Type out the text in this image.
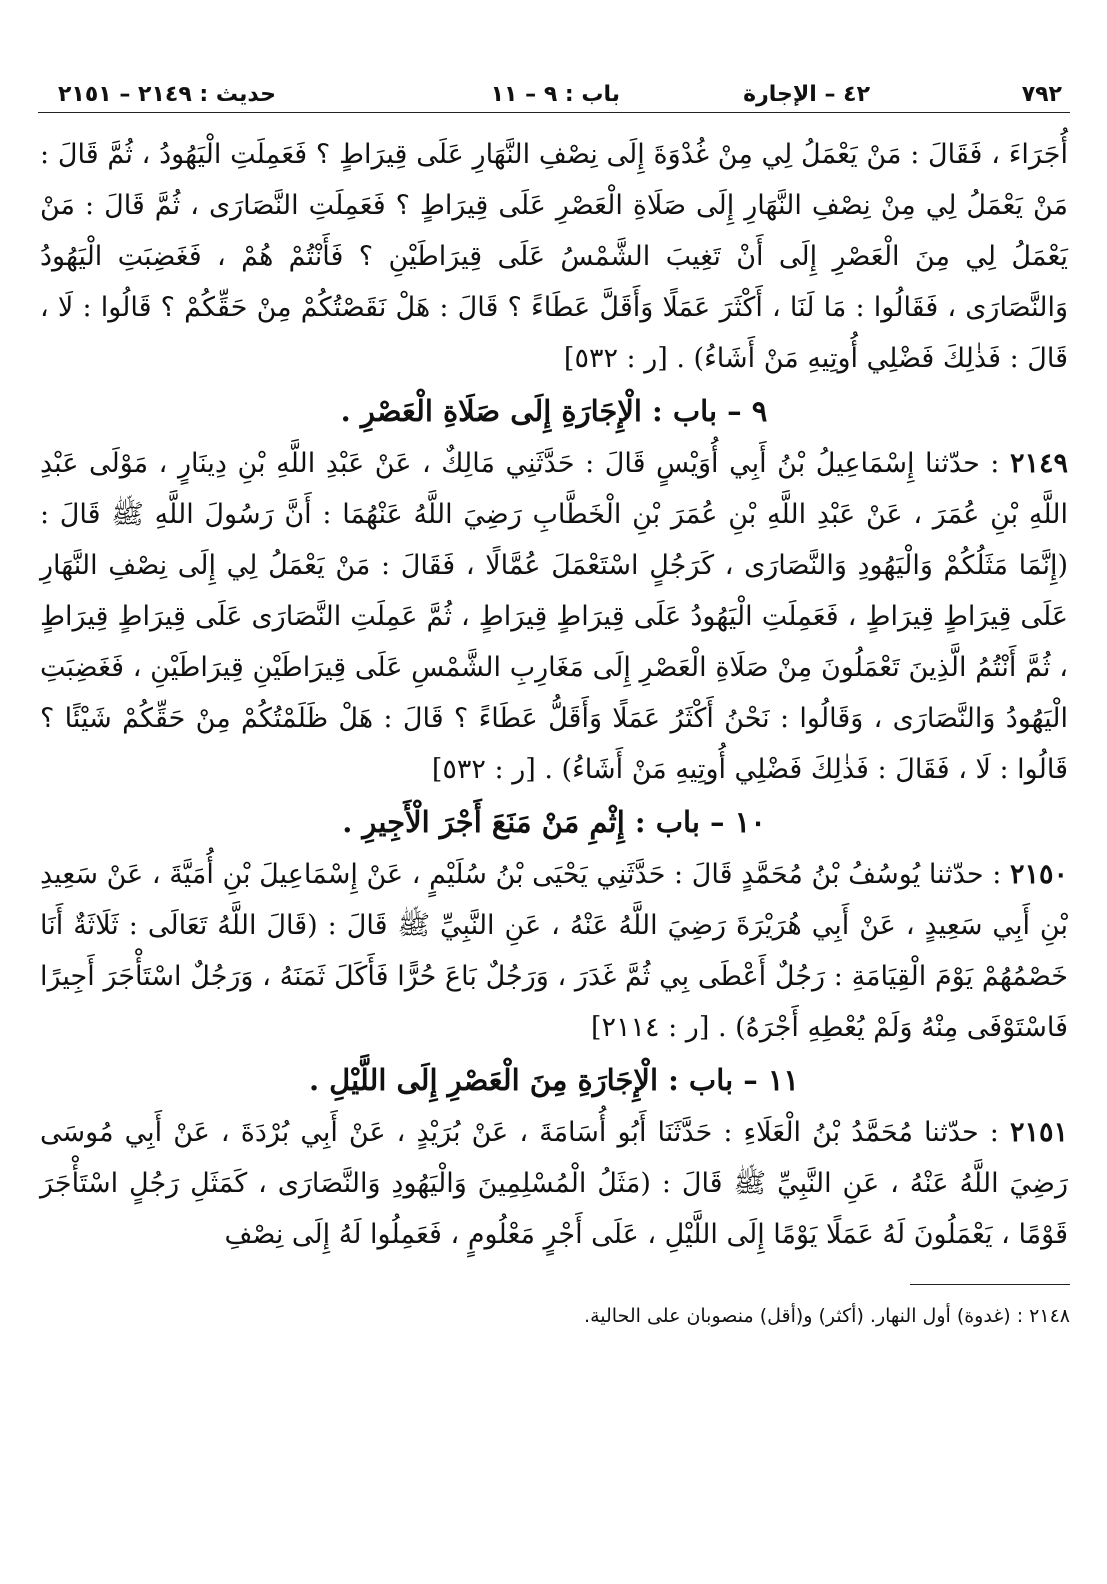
٧٩٢
٤٢ – الإجارة
باب : ٩ – ١١
حديث : ٢١٤٩ – ٢١٥١

أُجَرَاءَ ، فَقَالَ : مَنْ يَعْمَلُ لِي مِنْ غُدْوَةَ إِلَى نِصْفِ النَّهَارِ عَلَى قِيرَاطٍ ؟ فَعَمِلَتِ الْيَهُودُ ، ثُمَّ قَالَ : مَنْ يَعْمَلُ لِي مِنْ نِصْفِ النَّهَارِ إِلَى صَلَاةِ الْعَصْرِ عَلَى قِيرَاطٍ ؟ فَعَمِلَتِ النَّصَارَى ، ثُمَّ قَالَ : مَنْ يَعْمَلُ لِي مِنَ الْعَصْرِ إِلَى أَنْ تَغِيبَ الشَّمْسُ عَلَى قِيرَاطَيْنِ ؟ فَأَنْتُمْ هُمْ ، فَغَضِبَتِ الْيَهُودُ وَالنَّصَارَى ، فَقَالُوا : مَا لَنَا ، أَكْثَرَ عَمَلًا وَأَقَلَّ عَطَاءً ؟ قَالَ : هَلْ نَقَصْتُكُمْ مِنْ حَقِّكُمْ ؟ قَالُوا : لَا ، قَالَ : فَذٰلِكَ فَضْلِي أُوتِيهِ مَنْ أَشَاءُ) . [ر : ٥٣٢]

٩ – باب : الْإِجَارَةِ إِلَى صَلَاةِ الْعَصْرِ .

٢١٤٩ : حدّثنا إِسْمَاعِيلُ بْنُ أَبِي أُوَيْسٍ قَالَ : حَدَّثَنِي مَالِكٌ ، عَنْ عَبْدِ اللَّهِ بْنِ دِينَارٍ ، مَوْلَى عَبْدِ اللَّهِ بْنِ عُمَرَ ، عَنْ عَبْدِ اللَّهِ بْنِ عُمَرَ بْنِ الْخَطَّابِ رَضِيَ اللَّهُ عَنْهُمَا : أَنَّ رَسُولَ اللَّهِ ﷺ قَالَ : (إِنَّمَا مَثَلُكُمْ وَالْيَهُودِ وَالنَّصَارَى ، كَرَجُلٍ اسْتَعْمَلَ عُمَّالًا ، فَقَالَ : مَنْ يَعْمَلُ لِي إِلَى نِصْفِ النَّهَارِ عَلَى قِيرَاطٍ قِيرَاطٍ ، فَعَمِلَتِ الْيَهُودُ عَلَى قِيرَاطٍ قِيرَاطٍ ، ثُمَّ عَمِلَتِ النَّصَارَى عَلَى قِيرَاطٍ قِيرَاطٍ ، ثُمَّ أَنْتُمُ الَّذِينَ تَعْمَلُونَ مِنْ صَلَاةِ الْعَصْرِ إِلَى مَغَارِبِ الشَّمْسِ عَلَى قِيرَاطَيْنِ قِيرَاطَيْنِ ، فَغَضِبَتِ الْيَهُودُ وَالنَّصَارَى ، وَقَالُوا : نَحْنُ أَكْثَرُ عَمَلًا وَأَقَلُّ عَطَاءً ؟ قَالَ : هَلْ ظَلَمْتُكُمْ مِنْ حَقِّكُمْ شَيْئًا ؟ قَالُوا : لَا ، فَقَالَ : فَذٰلِكَ فَضْلِي أُوتِيهِ مَنْ أَشَاءُ) . [ر : ٥٣٢]

١٠ – باب : إِثْمِ مَنْ مَنَعَ أَجْرَ الْأَجِيرِ .

٢١٥٠ : حدّثنا يُوسُفُ بْنُ مُحَمَّدٍ قَالَ : حَدَّثَنِي يَحْيَى بْنُ سُلَيْمٍ ، عَنْ إِسْمَاعِيلَ بْنِ أُمَيَّةَ ، عَنْ سَعِيدِ بْنِ أَبِي سَعِيدٍ ، عَنْ أَبِي هُرَيْرَةَ رَضِيَ اللَّهُ عَنْهُ ، عَنِ النَّبِيِّ ﷺ قَالَ : (قَالَ اللَّهُ تَعَالَى : ثَلَاثَةٌ أَنَا خَصْمُهُمْ يَوْمَ الْقِيَامَةِ : رَجُلٌ أَعْطَى بِي ثُمَّ غَدَرَ ، وَرَجُلٌ بَاعَ حُرًّا فَأَكَلَ ثَمَنَهُ ، وَرَجُلٌ اسْتَأْجَرَ أَجِيرًا فَاسْتَوْفَى مِنْهُ وَلَمْ يُعْطِهِ أَجْرَهُ) . [ر : ٢١١٤]

١١ – باب : الْإِجَارَةِ مِنَ الْعَصْرِ إِلَى اللَّيْلِ .

٢١٥١ : حدّثنا مُحَمَّدُ بْنُ الْعَلَاءِ : حَدَّثَنَا أَبُو أُسَامَةَ ، عَنْ بُرَيْدٍ ، عَنْ أَبِي بُرْدَةَ ، عَنْ أَبِي مُوسَى رَضِيَ اللَّهُ عَنْهُ ، عَنِ النَّبِيِّ ﷺ قَالَ : (مَثَلُ الْمُسْلِمِينَ وَالْيَهُودِ وَالنَّصَارَى ، كَمَثَلِ رَجُلٍ اسْتَأْجَرَ قَوْمًا ، يَعْمَلُونَ لَهُ عَمَلًا يَوْمًا إِلَى اللَّيْلِ ، عَلَى أَجْرٍ مَعْلُومٍ ، فَعَمِلُوا لَهُ إِلَى نِصْفِ

٢١٤٨ : (غدوة) أول النهار. (أكثر) و(أقل) منصوبان على الحالية.
